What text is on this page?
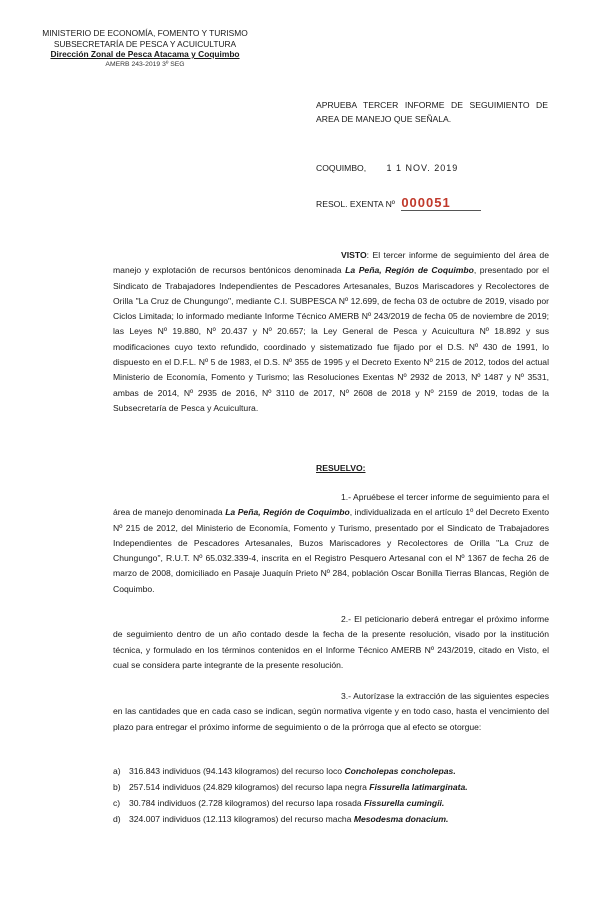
MINISTERIO DE ECONOMÍA, FOMENTO Y TURISMO
SUBSECRETARÍA DE PESCA Y ACUICULTURA
Dirección Zonal de Pesca Atacama y Coquimbo
AMERB 243-2019 3º SEG
APRUEBA TERCER INFORME DE SEGUIMIENTO DE AREA DE MANEJO QUE SEÑALA.
COQUIMBO, 1 1 NOV. 2019
RESOL. EXENTA Nº 000051

VISTO: El tercer informe de seguimiento del área de manejo y explotación de recursos bentónicos denominada La Peña, Región de Coquimbo, presentado por el Sindicato de Trabajadores Independientes de Pescadores Artesanales, Buzos Mariscadores y Recolectores de Orilla "La Cruz de Chungungo", mediante C.I. SUBPESCA Nº 12.699, de fecha 03 de octubre de 2019, visado por Ciclos Limitada; lo informado mediante Informe Técnico AMERB Nº 243/2019 de fecha 05 de noviembre de 2019; las Leyes Nº 19.880, Nº 20.437 y Nº 20.657; la Ley General de Pesca y Acuicultura Nº 18.892 y sus modificaciones cuyo texto refundido, coordinado y sistematizado fue fijado por el D.S. Nº 430 de 1991, lo dispuesto en el D.F.L. Nº 5 de 1983, el D.S. Nº 355 de 1995 y el Decreto Exento Nº 215 de 2012, todos del actual Ministerio de Economía, Fomento y Turismo; las Resoluciones Exentas Nº 2932 de 2013, Nº 1487 y Nº 3531, ambas de 2014, Nº 2935 de 2016, Nº 3110 de 2017, Nº 2608 de 2018 y Nº 2159 de 2019, todas de la Subsecretaría de Pesca y Acuicultura.

RESUELVO:

1.- Apruébese el tercer informe de seguimiento para el área de manejo denominada La Peña, Región de Coquimbo, individualizada en el artículo 1º del Decreto Exento Nº 215 de 2012, del Ministerio de Economía, Fomento y Turismo, presentado por el Sindicato de Trabajadores Independientes de Pescadores Artesanales, Buzos Mariscadores y Recolectores de Orilla "La Cruz de Chungungo", R.U.T. Nº 65.032.339-4, inscrita en el Registro Pesquero Artesanal con el Nº 1367 de fecha 26 de marzo de 2008, domiciliado en Pasaje Juaquín Prieto Nº 284, población Oscar Bonilla Tierras Blancas, Región de Coquimbo.

2.- El peticionario deberá entregar el próximo informe de seguimiento dentro de un año contado desde la fecha de la presente resolución, visado por la institución técnica, y formulado en los términos contenidos en el Informe Técnico AMERB Nº 243/2019, citado en Visto, el cual se considera parte integrante de la presente resolución.

3.- Autorízase la extracción de las siguientes especies en las cantidades que en cada caso se indican, según normativa vigente y en todo caso, hasta el vencimiento del plazo para entregar el próximo informe de seguimiento o de la prórroga que al efecto se otorgue:

a) 316.843 individuos (94.143 kilogramos) del recurso loco Concholepas concholepas.
b) 257.514 individuos (24.829 kilogramos) del recurso lapa negra Fissurella latimarginata.
c) 30.784 individuos (2.728 kilogramos) del recurso lapa rosada Fissurella cumingii.
d) 324.007 individuos (12.113 kilogramos) del recurso macha Mesodesma donacium.
